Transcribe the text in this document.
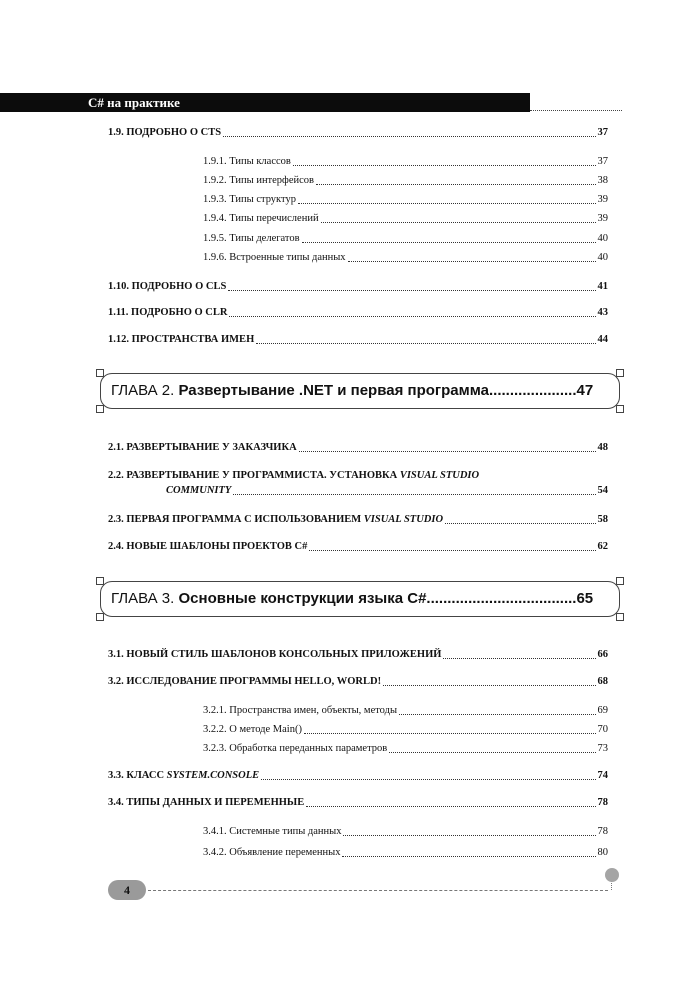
C# на практике
1.9. ПОДРОБНО О CTS	37
1.9.1. Типы классов	37
1.9.2. Типы интерфейсов	38
1.9.3. Типы структур	39
1.9.4. Типы перечислений	39
1.9.5. Типы делегатов	40
1.9.6. Встроенные типы данных	40
1.10. ПОДРОБНО О CLS	41
1.11. ПОДРОБНО О CLR	43
1.12. ПРОСТРАНСТВА ИМЕН	44
ГЛАВА 2. Развертывание .NET и первая программа.....................47
2.1. РАЗВЕРТЫВАНИЕ У ЗАКАЗЧИКА	48
2.2. РАЗВЕРТЫВАНИЕ У ПРОГРАММИСТА. УСТАНОВКА VISUAL STUDIO
COMMUNITY	54
2.3. ПЕРВАЯ ПРОГРАММА С ИСПОЛЬЗОВАНИЕМ VISUAL STUDIO	58
2.4. НОВЫЕ ШАБЛОНЫ ПРОЕКТОВ C#	62
ГЛАВА 3. Основные конструкции языка C#....................................65
3.1. НОВЫЙ СТИЛЬ ШАБЛОНОВ КОНСОЛЬНЫХ ПРИЛОЖЕНИЙ	66
3.2. ИССЛЕДОВАНИЕ ПРОГРАММЫ HELLO, WORLD!	68
3.2.1. Пространства имен, объекты, методы	69
3.2.2. О методе Main()	70
3.2.3. Обработка переданных параметров	73
3.3. КЛАСС SYSTEM.CONSOLE	74
3.4. ТИПЫ ДАННЫХ И ПЕРЕМЕННЫЕ	78
3.4.1. Системные типы данных	78
3.4.2. Объявление переменных	80
4
